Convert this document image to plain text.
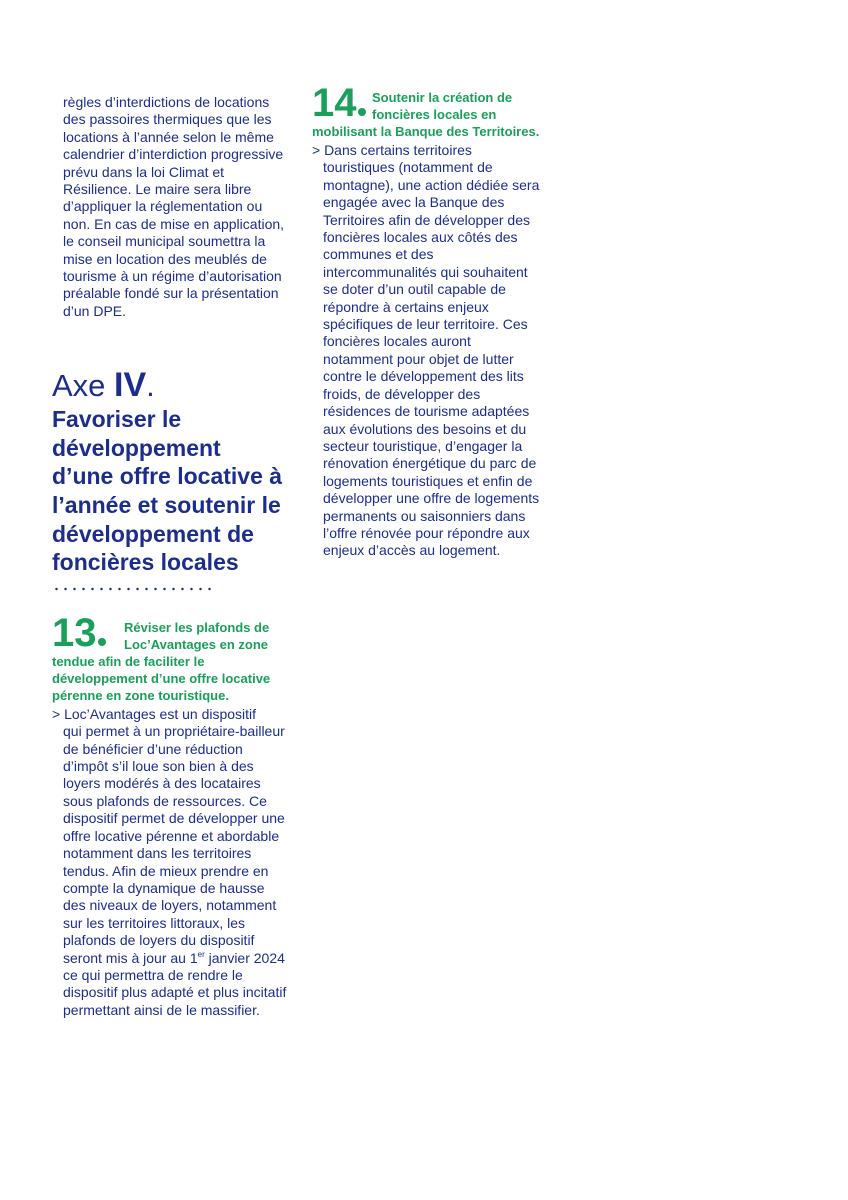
règles d’interdictions de locations des passoires thermiques que les locations à l’année selon le même calendrier d’interdiction progressive prévu dans la loi Climat et Résilience. Le maire sera libre d’appliquer la réglementation ou non. En cas de mise en application, le conseil municipal soumettra la mise en location des meublés de tourisme à un régime d’autorisation préalable fondé sur la présentation d’un DPE.

Axe IV.

Favoriser le développement d’une offre locative à l’année et soutenir le développement de foncières locales

13	Réviser les plafonds de
Loc’Avantages en zone
tendue afin de faciliter le développement d’une offre locative pérenne en zone touristique.

> Loc’Avantages est un dispositif
qui permet à un propriétaire-bailleur de bénéficier d’une réduction d’impôt s’il loue son bien à des loyers modérés à des locataires sous plafonds de ressources. Ce dispositif permet de développer une offre locative pérenne et abordable notamment dans les territoires tendus. Afin de mieux prendre en compte la dynamique de hausse des niveaux de loyers, notamment sur les territoires littoraux, les plafonds de loyers du dispositif seront mis à jour au 1er janvier 2024 ce qui permettra de rendre le dispositif plus adapté et plus incitatif permettant ainsi de le massifier.

14	Soutenir la création de
foncières locales en
mobilisant la Banque des Territoires.

> Dans certains territoires
touristiques (notamment de montagne), une action dédiée sera engagée avec la Banque des Territoires afin de développer des foncières locales aux côtés des communes et des intercommunalités qui souhaitent se doter d’un outil capable de répondre à certains enjeux spécifiques de leur territoire. Ces foncières locales auront notamment pour objet de lutter contre le développement des lits froids, de développer des résidences de tourisme adaptées aux évolutions des besoins et du secteur touristique, d’engager la rénovation énergétique du parc de logements touristiques et enfin de développer une offre de logements permanents ou saisonniers dans l’offre rénovée pour répondre aux enjeux d’accès au logement.
